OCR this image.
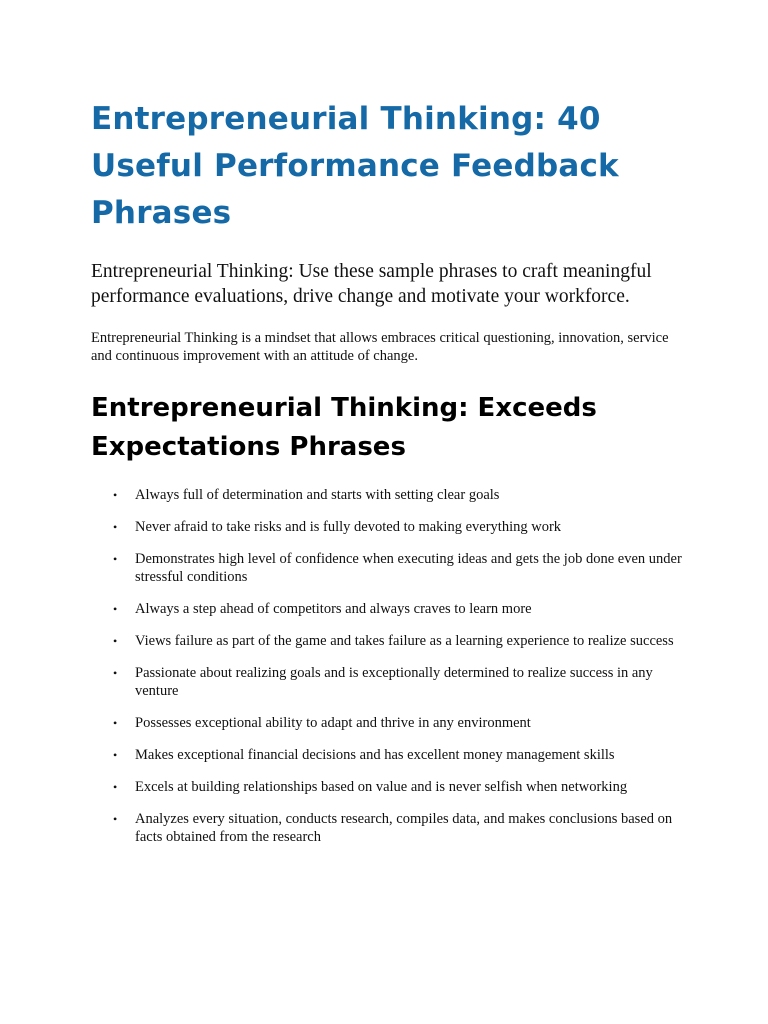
Entrepreneurial Thinking: 40 Useful Performance Feedback Phrases

Entrepreneurial Thinking: Use these sample phrases to craft meaningful performance evaluations, drive change and motivate your workforce.

Entrepreneurial Thinking is a mindset that allows embraces critical questioning, innovation, service and continuous improvement with an attitude of change.

Entrepreneurial Thinking: Exceeds Expectations Phrases
• Always full of determination and starts with setting clear goals
• Never afraid to take risks and is fully devoted to making everything work
• Demonstrates high level of confidence when executing ideas and gets the job done even under stressful conditions
• Always a step ahead of competitors and always craves to learn more
• Views failure as part of the game and takes failure as a learning experience to realize success
• Passionate about realizing goals and is exceptionally determined to realize success in any venture
• Possesses exceptional ability to adapt and thrive in any environment
• Makes exceptional financial decisions and has excellent money management skills
• Excels at building relationships based on value and is never selfish when networking
• Analyzes every situation, conducts research, compiles data, and makes conclusions based on facts obtained from the research
